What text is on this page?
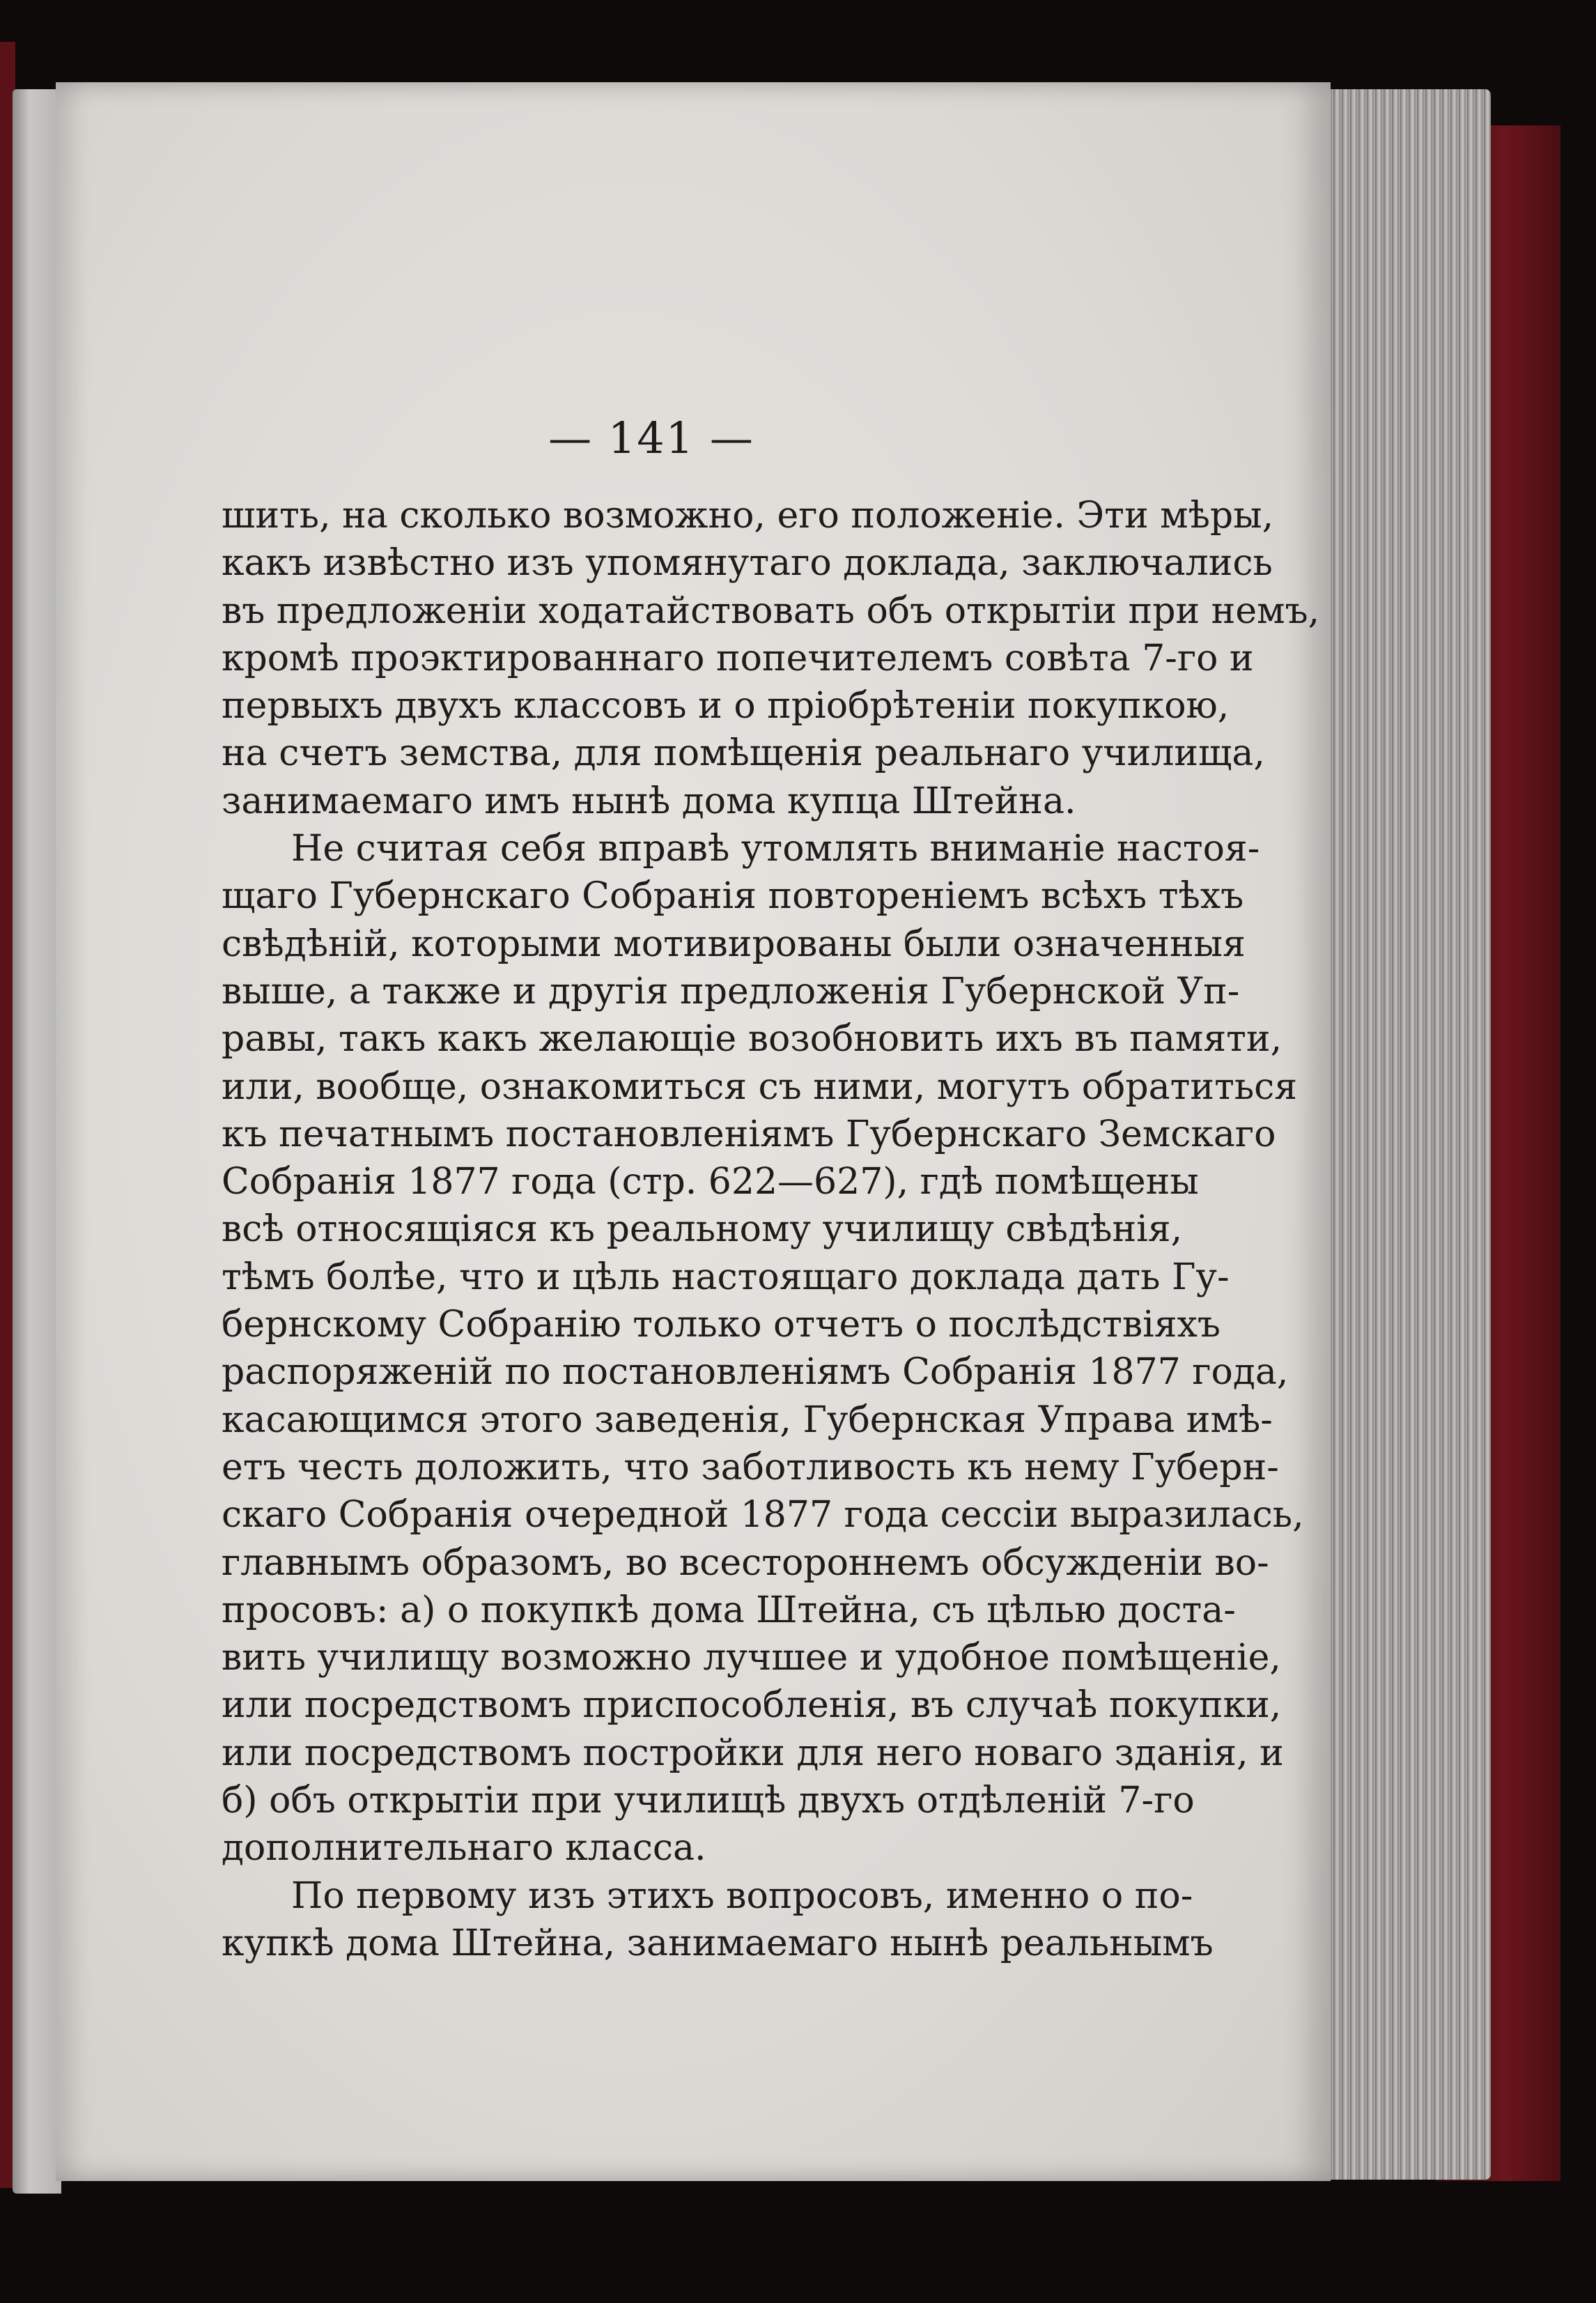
— 141 —
шить, на сколько возможно, его положеніе. Эти мѣры,
какъ извѣстно изъ упомянутаго доклада, заключались
въ предложеніи ходатайствовать объ открытіи при немъ,
кромѣ проэктированнаго попечителемъ совѣта 7-го и
первыхъ двухъ классовъ и о пріобрѣтеніи покупкою,
на счетъ земства, для помѣщенія реальнаго училища,
занимаемаго имъ нынѣ дома купца Штейна.
Не считая себя вправѣ утомлять вниманіе настоя-
щаго Губернскаго Собранія повтореніемъ всѣхъ тѣхъ
свѣдѣній, которыми мотивированы были означенныя
выше, а также и другія предложенія Губернской Уп-
равы, такъ какъ желающіе возобновить ихъ въ памяти,
или, вообще, ознакомиться съ ними, могутъ обратиться
къ печатнымъ постановленіямъ Губернскаго Земскаго
Собранія 1877 года (стр. 622—627), гдѣ помѣщены
всѣ относящіяся къ реальному училищу свѣдѣнія,
тѣмъ болѣе, что и цѣль настоящаго доклада дать Гу-
бернскому Собранію только отчетъ о послѣдствіяхъ
распоряженій по постановленіямъ Собранія 1877 года,
касающимся этого заведенія, Губернская Управа имѣ-
етъ честь доложить, что заботливость къ нему Губерн-
скаго Собранія очередной 1877 года сессіи выразилась,
главнымъ образомъ, во всестороннемъ обсужденіи во-
просовъ: а) о покупкѣ дома Штейна, съ цѣлью доста-
вить училищу возможно лучшее и удобное помѣщеніе,
или посредствомъ приспособленія, въ случаѣ покупки,
или посредствомъ постройки для него новаго зданія, и
б) объ открытіи при училищѣ двухъ отдѣленій 7-го
дополнительнаго класса.
По первому изъ этихъ вопросовъ, именно о по-
купкѣ дома Штейна, занимаемаго нынѣ реальнымъ
